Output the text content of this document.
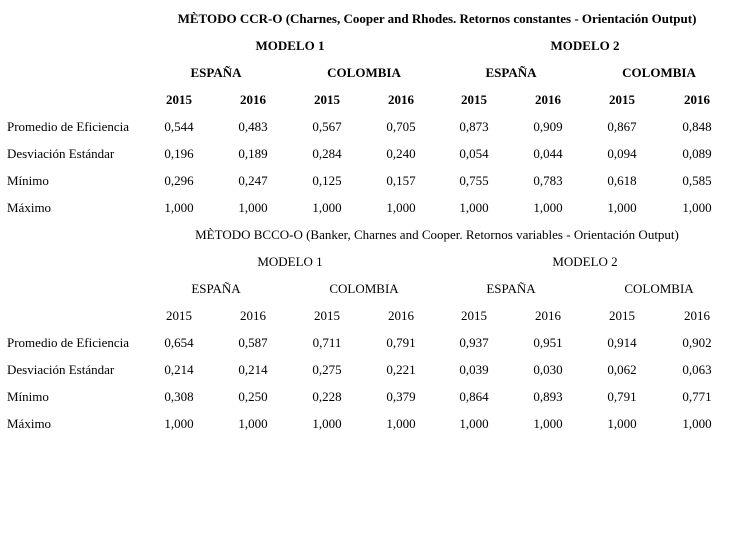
MÈTODO CCR-O (Charnes, Cooper and Rhodes. Retornos constantes - Orientación Output)
MODELO 1	MODELO 2
ESPAÑA	COLOMBIA	ESPAÑA	COLOMBIA
2015	2016	2015	2016	2015	2016	2015	2016
Promedio de Eficiencia	0,544	0,483	0,567	0,705	0,873	0,909	0,867	0,848
Desviación Estándar	0,196	0,189	0,284	0,240	0,054	0,044	0,094	0,089
Mínimo	0,296	0,247	0,125	0,157	0,755	0,783	0,618	0,585
Máximo	1,000	1,000	1,000	1,000	1,000	1,000	1,000	1,000
MÈTODO BCCO-O (Banker, Charnes and Cooper. Retornos variables - Orientación Output)
MODELO 1	MODELO 2
ESPAÑA	COLOMBIA	ESPAÑA	COLOMBIA
2015	2016	2015	2016	2015	2016	2015	2016
Promedio de Eficiencia	0,654	0,587	0,711	0,791	0,937	0,951	0,914	0,902
Desviación Estándar	0,214	0,214	0,275	0,221	0,039	0,030	0,062	0,063
Mínimo	0,308	0,250	0,228	0,379	0,864	0,893	0,791	0,771
Máximo	1,000	1,000	1,000	1,000	1,000	1,000	1,000	1,000
